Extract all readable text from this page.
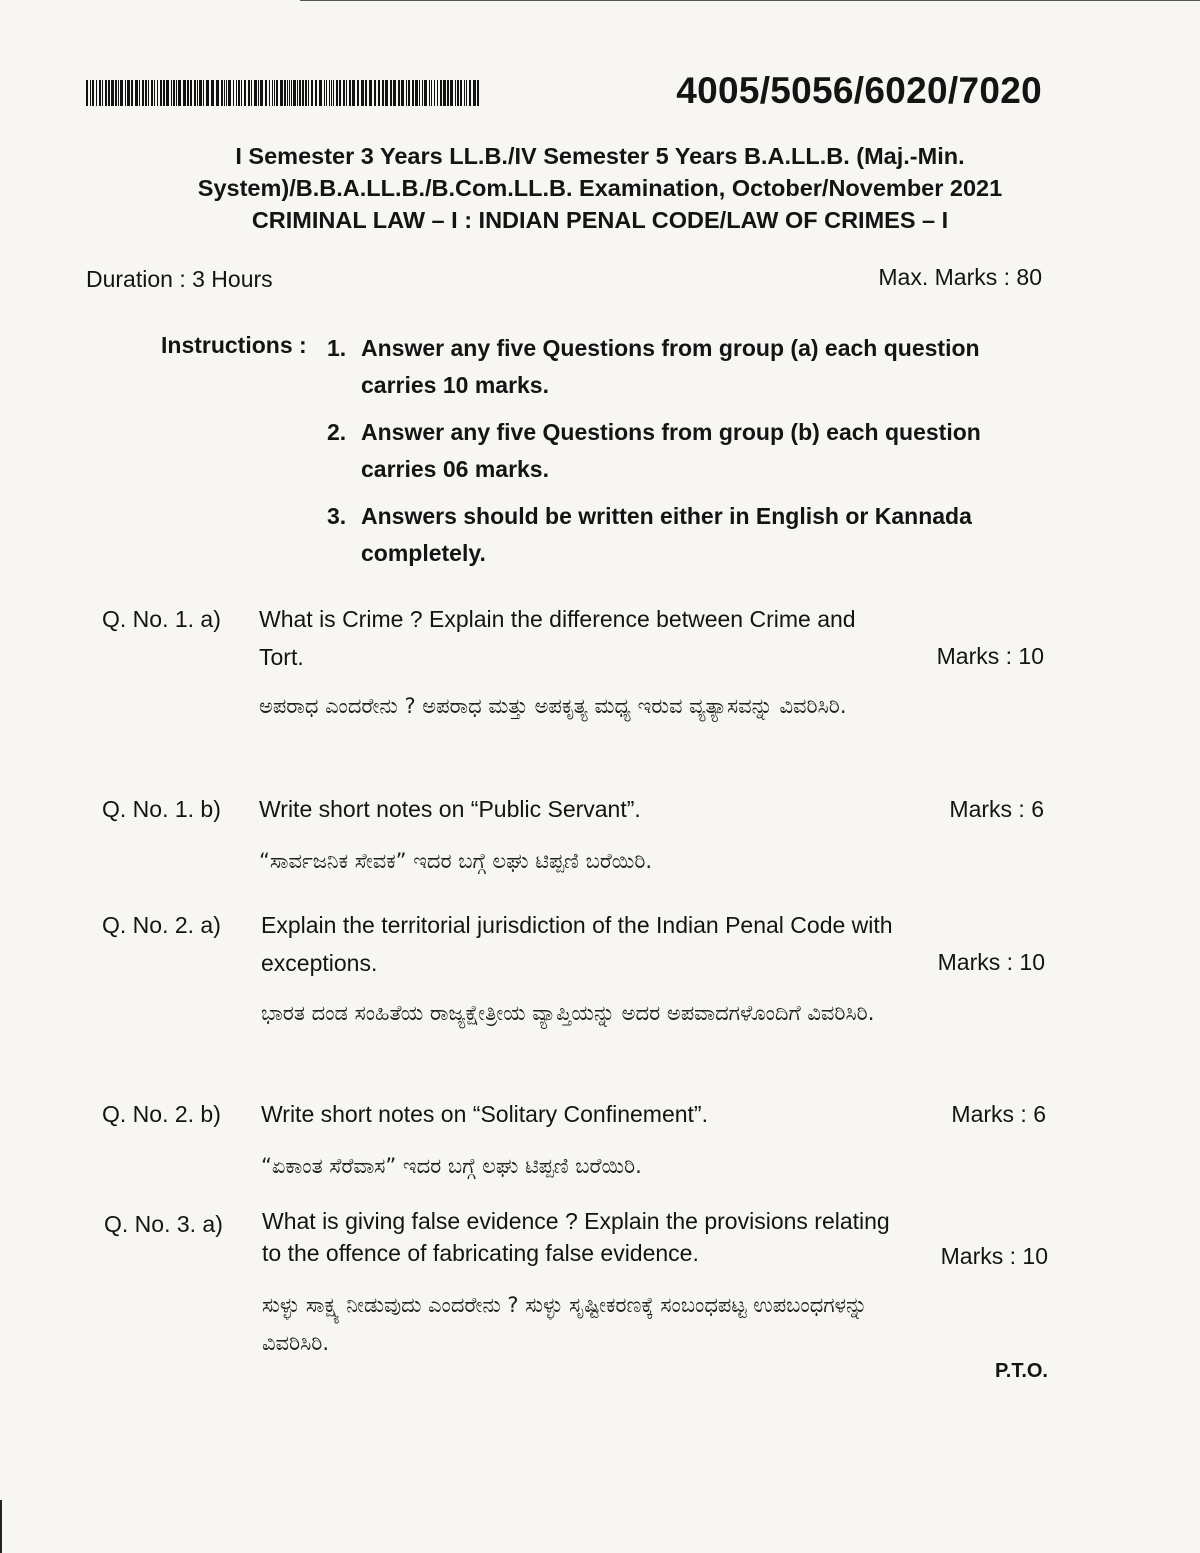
4005/5056/6020/7020
I Semester 3 Years LL.B./IV Semester 5 Years B.A.LL.B. (Maj.-Min.
System)/B.B.A.LL.B./B.Com.LL.B. Examination, October/November 2021
CRIMINAL LAW – I : INDIAN PENAL CODE/LAW OF CRIMES – I
Duration : 3 Hours	Max. Marks : 80
Instructions : 1. Answer any five Questions from group (a) each question carries 10 marks.
2. Answer any five Questions from group (b) each question carries 06 marks.
3. Answers should be written either in English or Kannada completely.
Q. No. 1. a) What is Crime ? Explain the difference between Crime and Tort.	Marks : 10
ಅಪರಾಧ ಎಂದರೇನು ? ಅಪರಾಧ ಮತ್ತು ಅಪಕೃತ್ಯ ಮಧ್ಯ ಇರುವ ವ್ಯತ್ಯಾಸವನ್ನು ವಿವರಿಸಿರಿ.
Q. No. 1. b) Write short notes on “Public Servant”.	Marks : 6
“ಸಾರ್ವಜನಿಕ ಸೇವಕ” ಇದರ ಬಗ್ಗೆ ಲಘು ಟಿಪ್ಪಣಿ ಬರೆಯಿರಿ.
Q. No. 2. a) Explain the territorial jurisdiction of the Indian Penal Code with exceptions.	Marks : 10
ಭಾರತ ದಂಡ ಸಂಹಿತೆಯ ರಾಜ್ಯಕ್ಷೇತ್ರೀಯ ವ್ಯಾಪ್ತಿಯನ್ನು ಅದರ ಅಪವಾದಗಳೊಂದಿಗೆ ವಿವರಿಸಿರಿ.
Q. No. 2. b) Write short notes on “Solitary Confinement”.	Marks : 6
“ಏಕಾಂತ ಸೆರೆವಾಸ” ಇದರ ಬಗ್ಗೆ ಲಘು ಟಿಪ್ಪಣಿ ಬರೆಯಿರಿ.
Q. No. 3. a) What is giving false evidence ? Explain the provisions relating to the offence of fabricating false evidence.	Marks : 10
ಸುಳ್ಳು ಸಾಕ್ಷ್ಯ ನೀಡುವುದು ಎಂದರೇನು ? ಸುಳ್ಳು ಸೃಷ್ಟೀಕರಣಕ್ಕೆ ಸಂಬಂಧಪಟ್ಟ ಉಪಬಂಧಗಳನ್ನು ವಿವರಿಸಿರಿ.
P.T.O.
